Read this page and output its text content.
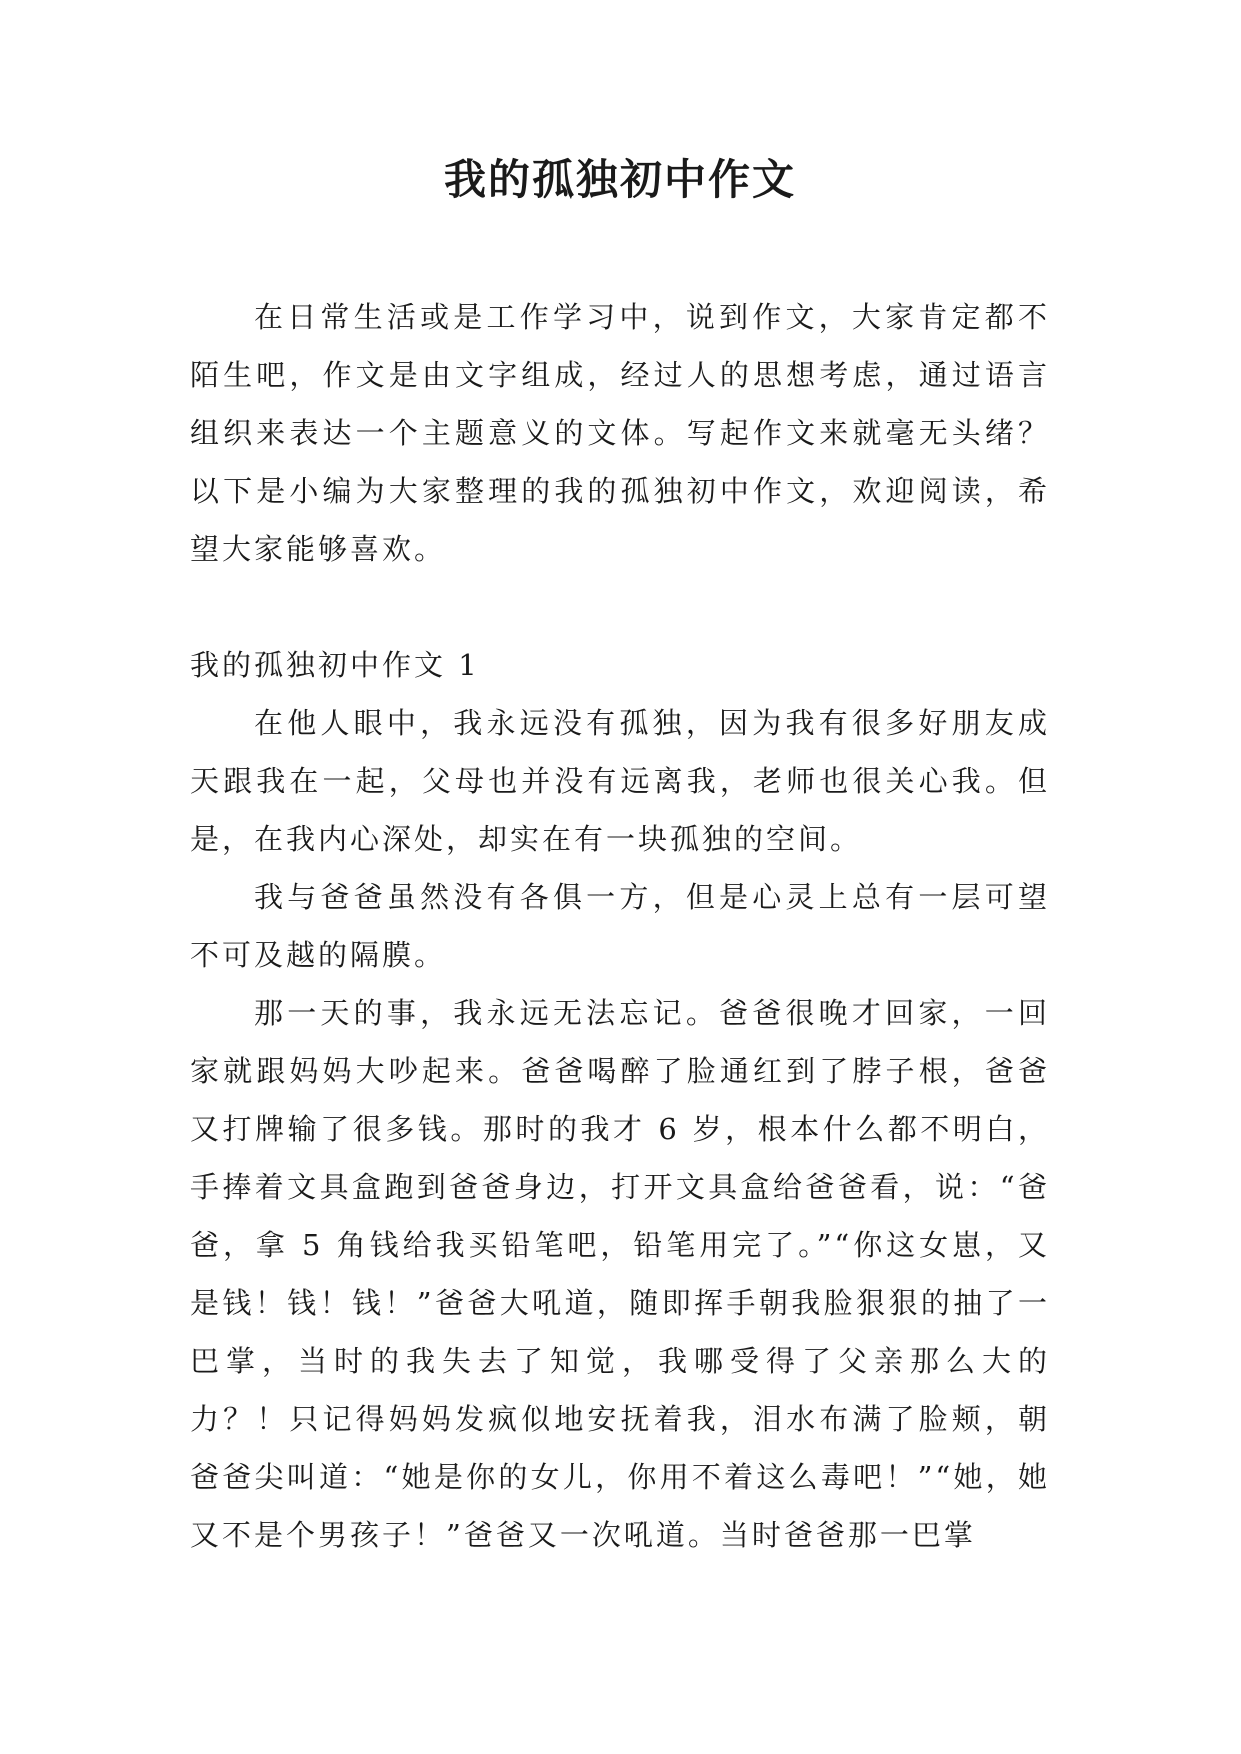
我的孤独初中作文

在日常生活或是工作学习中，说到作文，大家肯定都不陌生吧，作文是由文字组成，经过人的思想考虑，通过语言组织来表达一个主题意义的文体。写起作文来就毫无头绪？以下是小编为大家整理的我的孤独初中作文，欢迎阅读，希望大家能够喜欢。

我的孤独初中作文 1

在他人眼中，我永远没有孤独，因为我有很多好朋友成天跟我在一起，父母也并没有远离我，老师也很关心我。但是，在我内心深处，却实在有一块孤独的空间。

我与爸爸虽然没有各俱一方，但是心灵上总有一层可望不可及越的隔膜。

那一天的事，我永远无法忘记。爸爸很晚才回家，一回家就跟妈妈大吵起来。爸爸喝醉了脸通红到了脖子根，爸爸又打牌输了很多钱。那时的我才 6 岁，根本什么都不明白，手捧着文具盒跑到爸爸身边，打开文具盒给爸爸看，说：“爸爸，拿 5 角钱给我买铅笔吧，铅笔用完了。”“你这女崽，又是钱！钱！钱！”爸爸大吼道，随即挥手朝我脸狠狠的抽了一巴掌，当时的我失去了知觉，我哪受得了父亲那么大的力？！只记得妈妈发疯似地安抚着我，泪水布满了脸颊，朝爸爸尖叫道：“她是你的女儿，你用不着这么毒吧！”“她，她又不是个男孩子！”爸爸又一次吼道。当时爸爸那一巴掌
